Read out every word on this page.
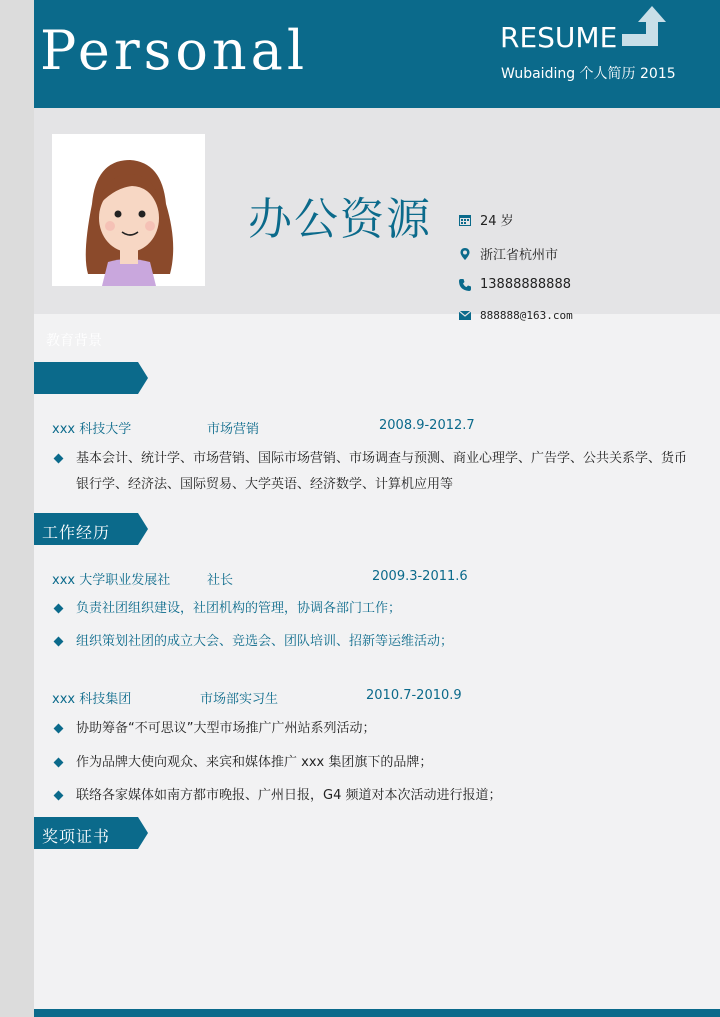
Personal	RESUME
Wubaiding 个人简历 2015
办公资源	24 岁
浙江省杭州市
13888888888
888888@163.com
教育背景
xxx 科技大学	市场营销	2008.9-2012.7
基本会计、统计学、市场营销、国际市场营销、市场调查与预测、商业心理学、广告学、公共关系学、货币银行学、经济法、国际贸易、大学英语、经济数学、计算机应用等
工作经历
xxx 大学职业发展社	社长	2009.3-2011.6
负责社团组织建设，社团机构的管理，协调各部门工作；
组织策划社团的成立大会、竞选会、团队培训、招新等运维活动；
xxx 科技集团	市场部实习生	2010.7-2010.9
协助筹备“不可思议”大型市场推广广州站系列活动；
作为品牌大使向观众、来宾和媒体推广 xxx 集团旗下的品牌；
联络各家媒体如南方都市晚报、广州日报，G4 频道对本次活动进行报道；
奖项证书
